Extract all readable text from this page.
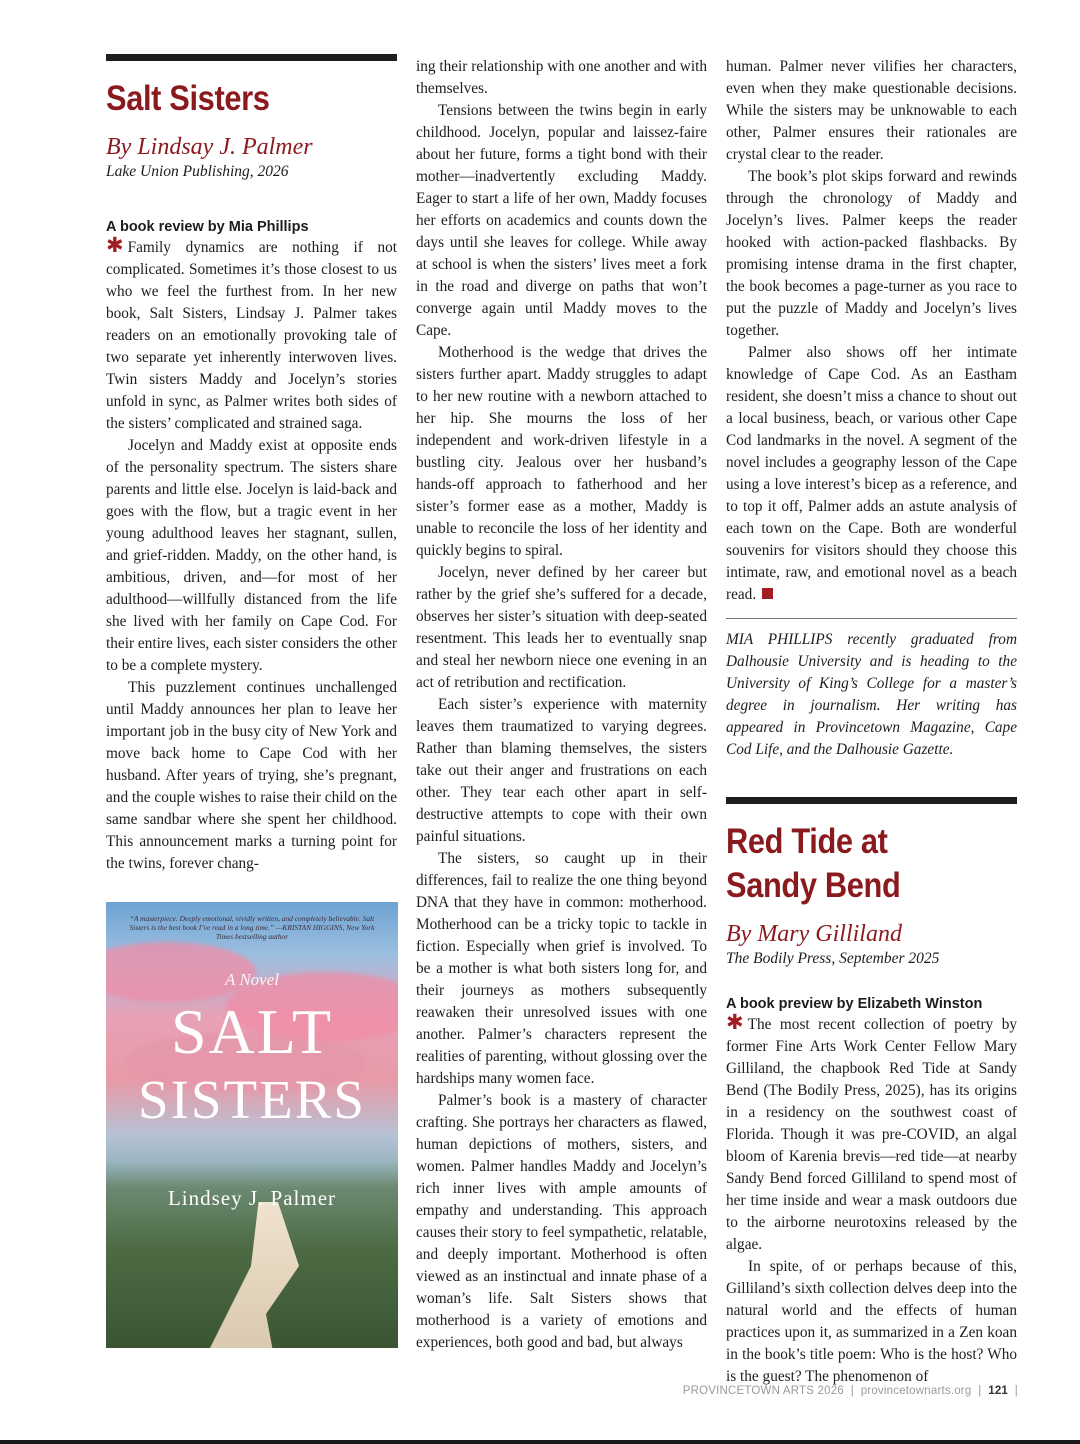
Salt Sisters
By Lindsay J. Palmer
Lake Union Publishing, 2026
A book review by Mia Phillips

✱ Family dynamics are nothing if not complicated. Sometimes it’s those closest to us who we feel the furthest from. In her new book, Salt Sisters, Lindsay J. Palmer takes readers on an emotionally provoking tale of two separate yet inherently interwoven lives. Twin sisters Maddy and Jocelyn’s stories unfold in sync, as Palmer writes both sides of the sisters’ complicated and strained saga.

Jocelyn and Maddy exist at opposite ends of the personality spectrum. The sisters share parents and little else. Jocelyn is laid-back and goes with the flow, but a tragic event in her young adulthood leaves her stagnant, sullen, and grief-ridden. Maddy, on the other hand, is ambitious, driven, and—for most of her adulthood—willfully distanced from the life she lived with her family on Cape Cod. For their entire lives, each sister considers the other to be a complete mystery.

This puzzlement continues unchallenged until Maddy announces her plan to leave her important job in the busy city of New York and move back home to Cape Cod with her husband. After years of trying, she’s pregnant, and the couple wishes to raise their child on the same sandbar where she spent her childhood. This announcement marks a turning point for the twins, forever chang-

“A masterpiece. Deeply emotional, vividly written, and completely believable. Salt Sisters is the best book I’ve read in a long time.” —KRISTAN HIGGINS, New York Times bestselling author
A Novel
SALT
SISTERS
Lindsey J. Palmer

ing their relationship with one another and with themselves.

Tensions between the twins begin in early childhood. Jocelyn, popular and laissez-faire about her future, forms a tight bond with their mother—inadvertently excluding Maddy. Eager to start a life of her own, Maddy focuses her efforts on academics and counts down the days until she leaves for college. While away at school is when the sisters’ lives meet a fork in the road and diverge on paths that won’t converge again until Maddy moves to the Cape.

Motherhood is the wedge that drives the sisters further apart. Maddy struggles to adapt to her new routine with a newborn attached to her hip. She mourns the loss of her independent and work-driven lifestyle in a bustling city. Jealous over her husband’s hands-off approach to fatherhood and her sister’s former ease as a mother, Maddy is unable to reconcile the loss of her identity and quickly begins to spiral.

Jocelyn, never defined by her career but rather by the grief she’s suffered for a decade, observes her sister’s situation with deep-seated resentment. This leads her to eventually snap and steal her newborn niece one evening in an act of retribution and rectification.

Each sister’s experience with maternity leaves them traumatized to varying degrees. Rather than blaming themselves, the sisters take out their anger and frustrations on each other. They tear each other apart in self-destructive attempts to cope with their own painful situations.

The sisters, so caught up in their differences, fail to realize the one thing beyond DNA that they have in common: motherhood. Motherhood can be a tricky topic to tackle in fiction. Especially when grief is involved. To be a mother is what both sisters long for, and their journeys as mothers subsequently reawaken their unresolved issues with one another. Palmer’s characters represent the realities of parenting, without glossing over the hardships many women face.

Palmer’s book is a mastery of character crafting. She portrays her characters as flawed, human depictions of mothers, sisters, and women. Palmer handles Maddy and Jocelyn’s rich inner lives with ample amounts of empathy and understanding. This approach causes their story to feel sympathetic, relatable, and deeply important. Motherhood is often viewed as an instinctual and innate phase of a woman’s life. Salt Sisters shows that motherhood is a variety of emotions and experiences, both good and bad, but always

human. Palmer never vilifies her characters, even when they make questionable decisions. While the sisters may be unknowable to each other, Palmer ensures their rationales are crystal clear to the reader.

The book’s plot skips forward and rewinds through the chronology of Maddy and Jocelyn’s lives. Palmer keeps the reader hooked with action-packed flashbacks. By promising intense drama in the first chapter, the book becomes a page-turner as you race to put the puzzle of Maddy and Jocelyn’s lives together.

Palmer also shows off her intimate knowledge of Cape Cod. As an Eastham resident, she doesn’t miss a chance to shout out a local business, beach, or various other Cape Cod landmarks in the novel. A segment of the novel includes a geography lesson of the Cape using a love interest’s bicep as a reference, and to top it off, Palmer adds an astute analysis of each town on the Cape. Both are wonderful souvenirs for visitors should they choose this intimate, raw, and emotional novel as a beach read.

MIA PHILLIPS recently graduated from Dalhousie University and is heading to the University of King’s College for a master’s degree in journalism. Her writing has appeared in Provincetown Magazine, Cape Cod Life, and the Dalhousie Gazette.

Red Tide at
Sandy Bend
By Mary Gilliland
The Bodily Press, September 2025
A book preview by Elizabeth Winston

✱ The most recent collection of poetry by former Fine Arts Work Center Fellow Mary Gilliland, the chapbook Red Tide at Sandy Bend (The Bodily Press, 2025), has its origins in a residency on the southwest coast of Florida. Though it was pre-COVID, an algal bloom of Karenia brevis—red tide—at nearby Sandy Bend forced Gilliland to spend most of her time inside and wear a mask outdoors due to the airborne neurotoxins released by the algae.

In spite, of or perhaps because of this, Gilliland’s sixth collection delves deep into the natural world and the effects of human practices upon it, as summarized in a Zen koan in the book’s title poem: Who is the host? Who is the guest? The phenomenon of

PROVINCETOWN ARTS 2026  |  provincetownarts.org  |  121  |
